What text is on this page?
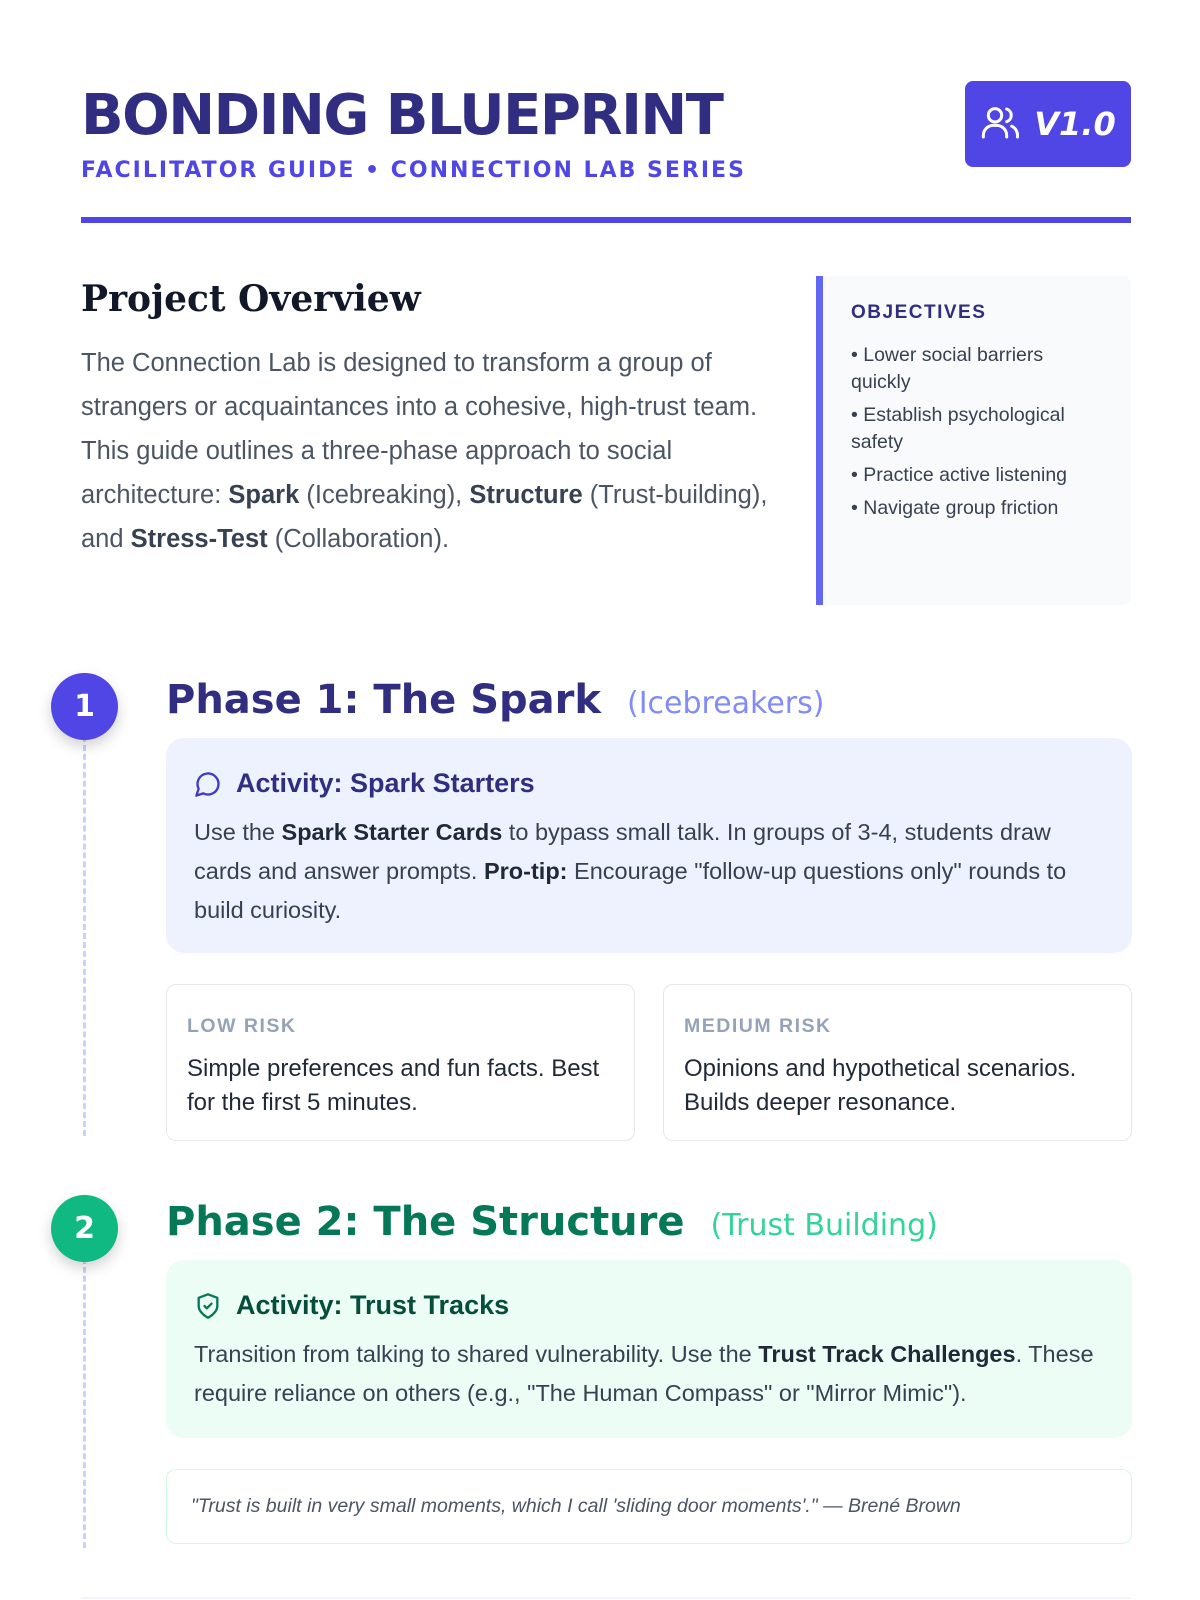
BONDING BLUEPRINT
FACILITATOR GUIDE • CONNECTION LAB SERIES
V1.0
Project Overview

The Connection Lab is designed to transform a group of strangers or acquaintances into a cohesive, high-trust team. This guide outlines a three-phase approach to social architecture: Spark (Icebreaking), Structure (Trust-building), and Stress-Test (Collaboration).

OBJECTIVES
• Lower social barriers quickly
• Establish psychological safety
• Practice active listening
• Navigate group friction
1	Phase 1: The Spark (Icebreakers)
Activity: Spark Starters

Use the Spark Starter Cards to bypass small talk. In groups of 3-4, students draw cards and answer prompts. Pro-tip: Encourage "follow-up questions only" rounds to build curiosity.

LOW RISK

Simple preferences and fun facts. Best for the first 5 minutes.

MEDIUM RISK

Opinions and hypothetical scenarios. Builds deeper resonance.

2	Phase 2: The Structure (Trust Building)
Activity: Trust Tracks

Transition from talking to shared vulnerability. Use the Trust Track Challenges. These require reliance on others (e.g., "The Human Compass" or "Mirror Mimic").

"Trust is built in very small moments, which I call 'sliding door moments'." — Brené Brown
